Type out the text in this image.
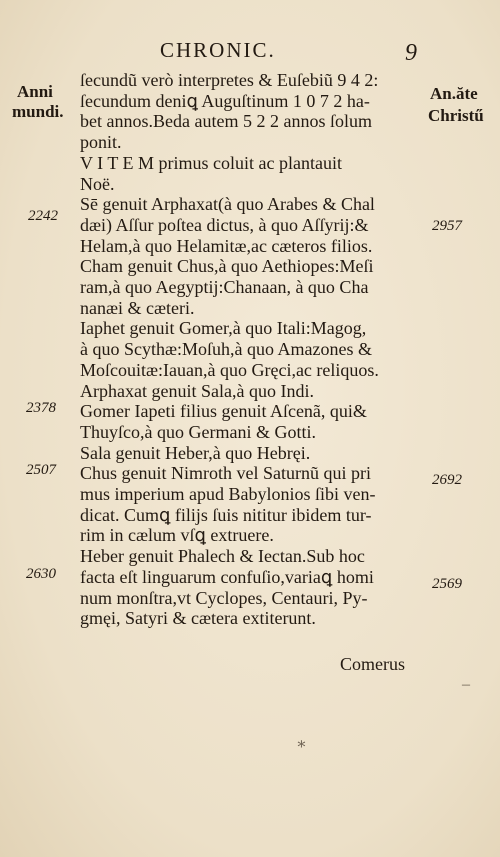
CHRONIC.	9
Anni
mundi.
An.ăte
Christű
2242
2378
2507
2630
2957
2692
2569
ſecundũ verò interpretes & Euſebiũ 9 4 2:
ſecundum deniꝗ Auguſtinum 1 0 7 2 ha-
bet annos.Beda autem 5 2 2 annos ſolum
ponit.
V I T E M primus coluit ac plantauit
Noë.
Sē genuit Arphaxat(à quo Arabes & Chal
dæi) Aſſur poſtea dictus, à quo Aſſyrij:&
Helam,à quo Helamitæ,ac cæteros filios.
Cham genuit Chus,à quo Aethiopes:Meſi
ram,à quo Aegyptij:Chanaan, à quo Cha
nanæi & cæteri.
Iaphet genuit Gomer,à quo Itali:Magog,
à quo Scythæ:Moſuh,à quo Amazones &
Moſcouitæ:Iauan,à quo Gręci,ac reliquos.
Arphaxat genuit Sala,à quo Indi.
Gomer Iapeti filius genuit Aſcenã, qui&
Thuyſco,à quo Germani & Gotti.
Sala genuit Heber,à quo Hebręi.
Chus genuit Nimroth vel Saturnũ qui pri
mus imperium apud Babylonios ſibi ven-
dicat. Cumꝗ filijs ſuis nititur ibidem tur-
rim in cælum vſꝗ extruere.
Heber genuit Phalech & Iectan.Sub hoc
facta eſt linguarum confuſio,variaꝗ homi
num monſtra,vt Cyclopes, Centauri, Py-
gmęi, Satyri & cætera extiterunt.
Comerus
–
∗
